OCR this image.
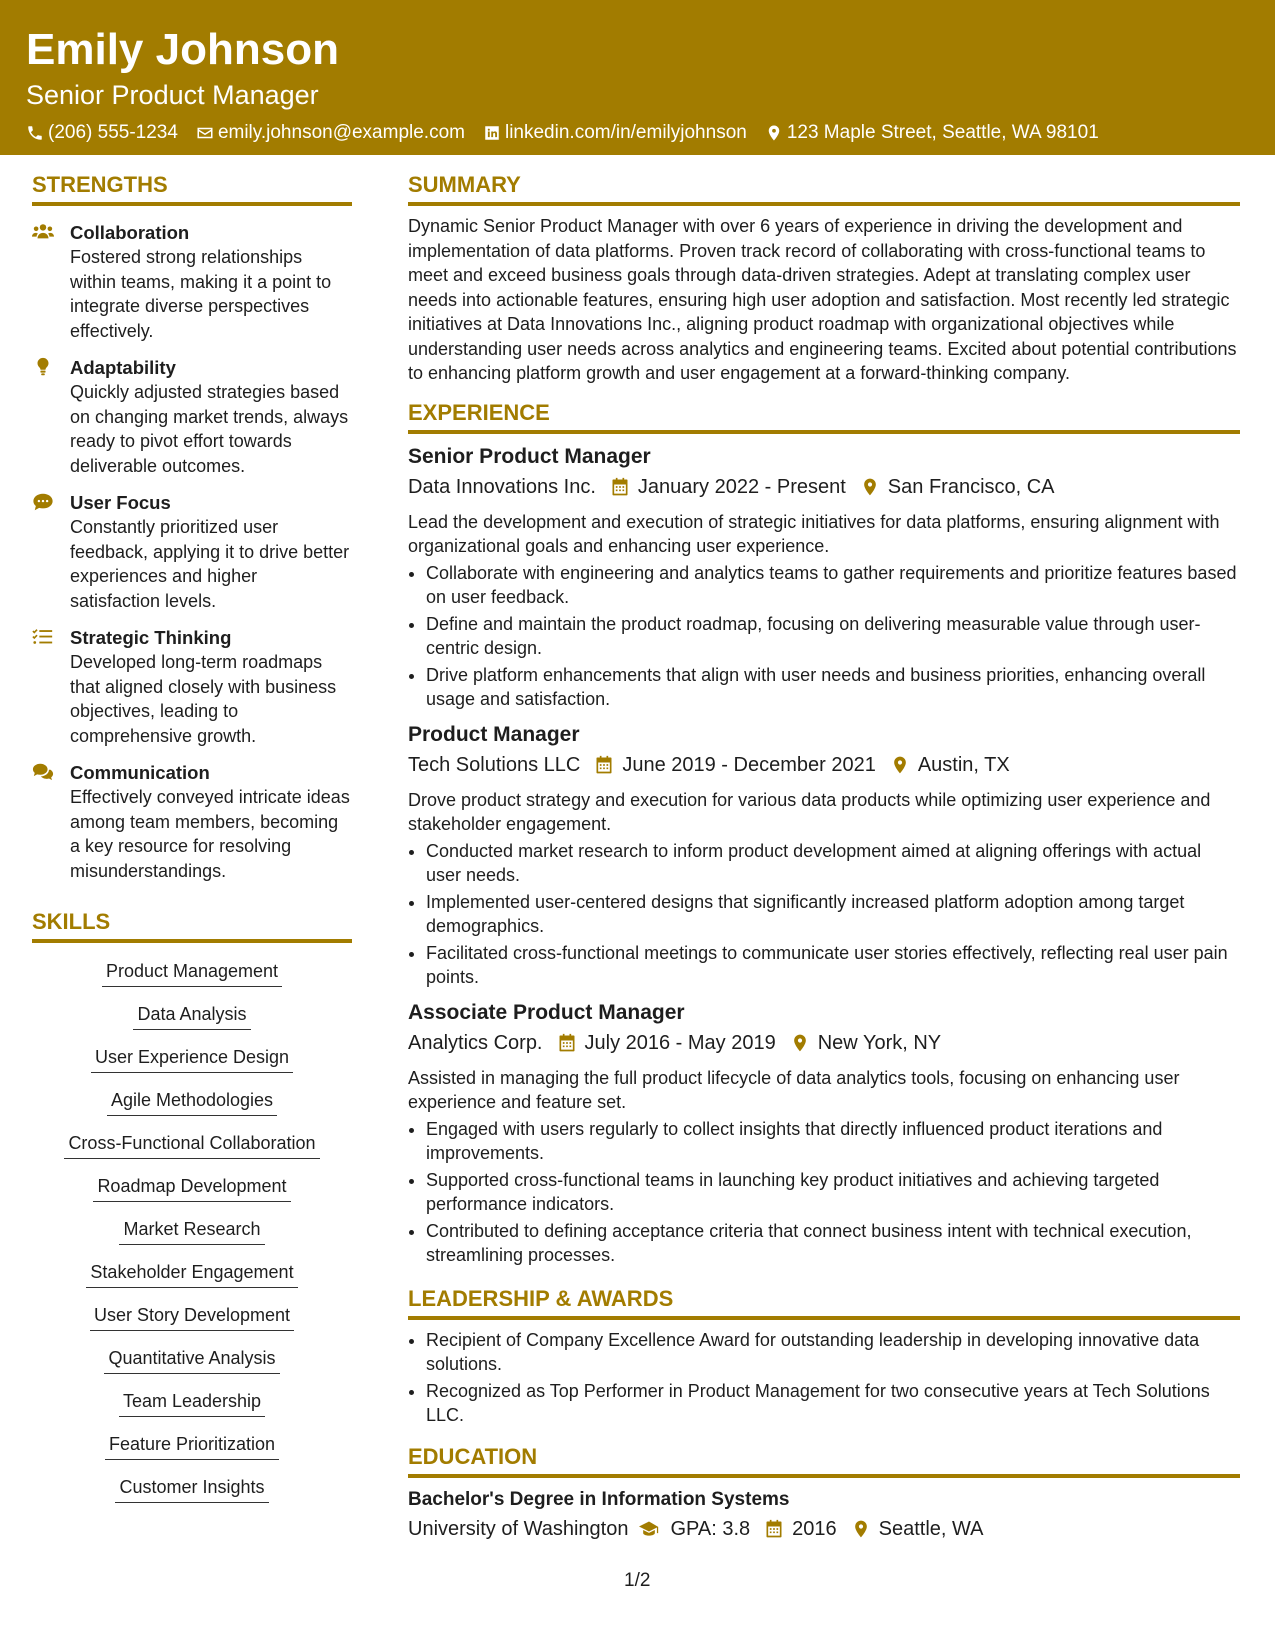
Emily Johnson
Senior Product Manager
(206) 555-1234 emily.johnson@example.com linkedin.com/in/emilyjohnson 123 Maple Street, Seattle, WA 98101
STRENGTHS
Collaboration
Fostered strong relationships within teams, making it a point to integrate diverse perspectives effectively.
Adaptability
Quickly adjusted strategies based on changing market trends, always ready to pivot effort towards deliverable outcomes.
User Focus
Constantly prioritized user feedback, applying it to drive better experiences and higher satisfaction levels.
Strategic Thinking
Developed long-term roadmaps that aligned closely with business objectives, leading to comprehensive growth.
Communication
Effectively conveyed intricate ideas among team members, becoming a key resource for resolving misunderstandings.
SKILLS
Product Management
Data Analysis
User Experience Design
Agile Methodologies
Cross-Functional Collaboration
Roadmap Development
Market Research
Stakeholder Engagement
User Story Development
Quantitative Analysis
Team Leadership
Feature Prioritization
Customer Insights
SUMMARY
Dynamic Senior Product Manager with over 6 years of experience in driving the development and implementation of data platforms. Proven track record of collaborating with cross-functional teams to meet and exceed business goals through data-driven strategies. Adept at translating complex user needs into actionable features, ensuring high user adoption and satisfaction. Most recently led strategic initiatives at Data Innovations Inc., aligning product roadmap with organizational objectives while understanding user needs across analytics and engineering teams. Excited about potential contributions to enhancing platform growth and user engagement at a forward-thinking company.
EXPERIENCE
Senior Product Manager
Data Innovations Inc. January 2022 - Present San Francisco, CA
Lead the development and execution of strategic initiatives for data platforms, ensuring alignment with organizational goals and enhancing user experience.
• Collaborate with engineering and analytics teams to gather requirements and prioritize features based on user feedback.
• Define and maintain the product roadmap, focusing on delivering measurable value through user-centric design.
• Drive platform enhancements that align with user needs and business priorities, enhancing overall usage and satisfaction.
Product Manager
Tech Solutions LLC June 2019 - December 2021 Austin, TX
Drove product strategy and execution for various data products while optimizing user experience and stakeholder engagement.
• Conducted market research to inform product development aimed at aligning offerings with actual user needs.
• Implemented user-centered designs that significantly increased platform adoption among target demographics.
• Facilitated cross-functional meetings to communicate user stories effectively, reflecting real user pain points.
Associate Product Manager
Analytics Corp. July 2016 - May 2019 New York, NY
Assisted in managing the full product lifecycle of data analytics tools, focusing on enhancing user experience and feature set.
• Engaged with users regularly to collect insights that directly influenced product iterations and improvements.
• Supported cross-functional teams in launching key product initiatives and achieving targeted performance indicators.
• Contributed to defining acceptance criteria that connect business intent with technical execution, streamlining processes.
LEADERSHIP & AWARDS
• Recipient of Company Excellence Award for outstanding leadership in developing innovative data solutions.
• Recognized as Top Performer in Product Management for two consecutive years at Tech Solutions LLC.
EDUCATION
Bachelor's Degree in Information Systems
University of Washington GPA: 3.8 2016 Seattle, WA
1/2
